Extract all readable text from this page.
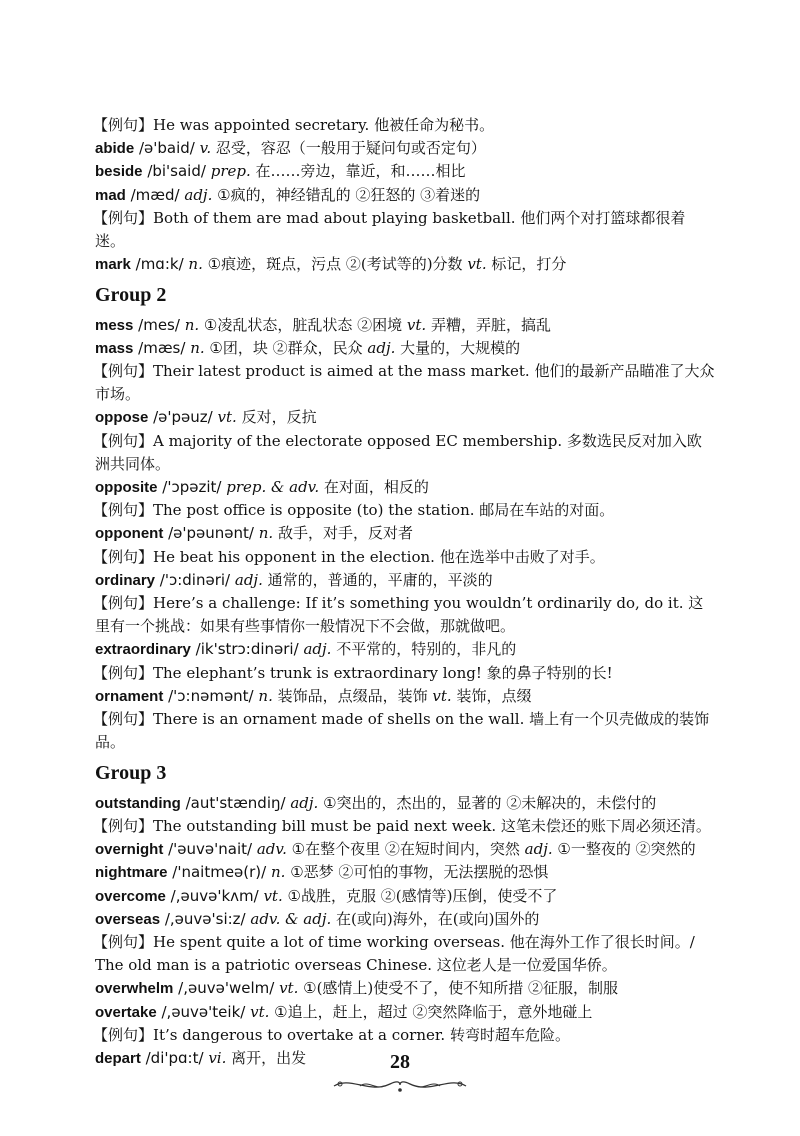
【例句】He was appointed secretary. 他被任命为秘书。

abide /ə'baid/ v. 忍受，容忍（一般用于疑问句或否定句）

beside /bi'said/ prep. 在……旁边，靠近，和……相比

mad /mæd/ adj. ①疯的，神经错乱的 ②狂怒的 ③着迷的

【例句】Both of them are mad about playing basketball. 他们两个对打篮球都很着迷。

mark /mɑ:k/ n. ①痕迹，斑点，污点 ②(考试等的)分数 vt. 标记，打分

Group 2

mess /mes/ n. ①凌乱状态，脏乱状态 ②困境 vt. 弄糟，弄脏，搞乱

mass /mæs/ n. ①团，块 ②群众，民众 adj. 大量的，大规模的

【例句】Their latest product is aimed at the mass market. 他们的最新产品瞄准了大众市场。

oppose /ə'pəuz/ vt. 反对，反抗

【例句】A majority of the electorate opposed EC membership. 多数选民反对加入欧洲共同体。

opposite /'ɔpəzit/ prep. & adv. 在对面，相反的

【例句】The post office is opposite (to) the station. 邮局在车站的对面。

opponent /ə'pəunənt/ n. 敌手，对手，反对者

【例句】He beat his opponent in the election. 他在选举中击败了对手。

ordinary /'ɔ:dinəri/ adj. 通常的，普通的，平庸的，平淡的

【例句】Here’s a challenge: If it’s something you wouldn’t ordinarily do, do it. 这里有一个挑战：如果有些事情你一般情况下不会做，那就做吧。

extraordinary /ik'strɔ:dinəri/ adj. 不平常的，特别的，非凡的

【例句】The elephant’s trunk is extraordinary long! 象的鼻子特别的长!

ornament /'ɔ:nəmənt/ n. 装饰品，点缀品，装饰 vt. 装饰，点缀

【例句】There is an ornament made of shells on the wall. 墙上有一个贝壳做成的装饰品。

Group 3

outstanding /aut'stændiŋ/ adj. ①突出的，杰出的，显著的 ②未解决的，未偿付的

【例句】The outstanding bill must be paid next week. 这笔未偿还的账下周必须还清。

overnight /'əuvə'nait/ adv. ①在整个夜里 ②在短时间内，突然 adj. ①一整夜的 ②突然的

nightmare /'naitmeə(r)/ n. ①恶梦 ②可怕的事物，无法摆脱的恐惧

overcome /,əuvə'kʌm/ vt. ①战胜，克服 ②(感情等)压倒，使受不了

overseas /,əuvə'si:z/ adv. & adj. 在(或向)海外，在(或向)国外的

【例句】He spent quite a lot of time working overseas. 他在海外工作了很长时间。/ The old man is a patriotic overseas Chinese. 这位老人是一位爱国华侨。

overwhelm /,əuvə'welm/ vt. ①(感情上)使受不了，使不知所措 ②征服，制服

overtake /,əuvə'teik/ vt. ①追上，赶上，超过 ②突然降临于，意外地碰上

【例句】It’s dangerous to overtake at a corner. 转弯时超车危险。

depart /di'pɑ:t/ vi. 离开，出发	28
